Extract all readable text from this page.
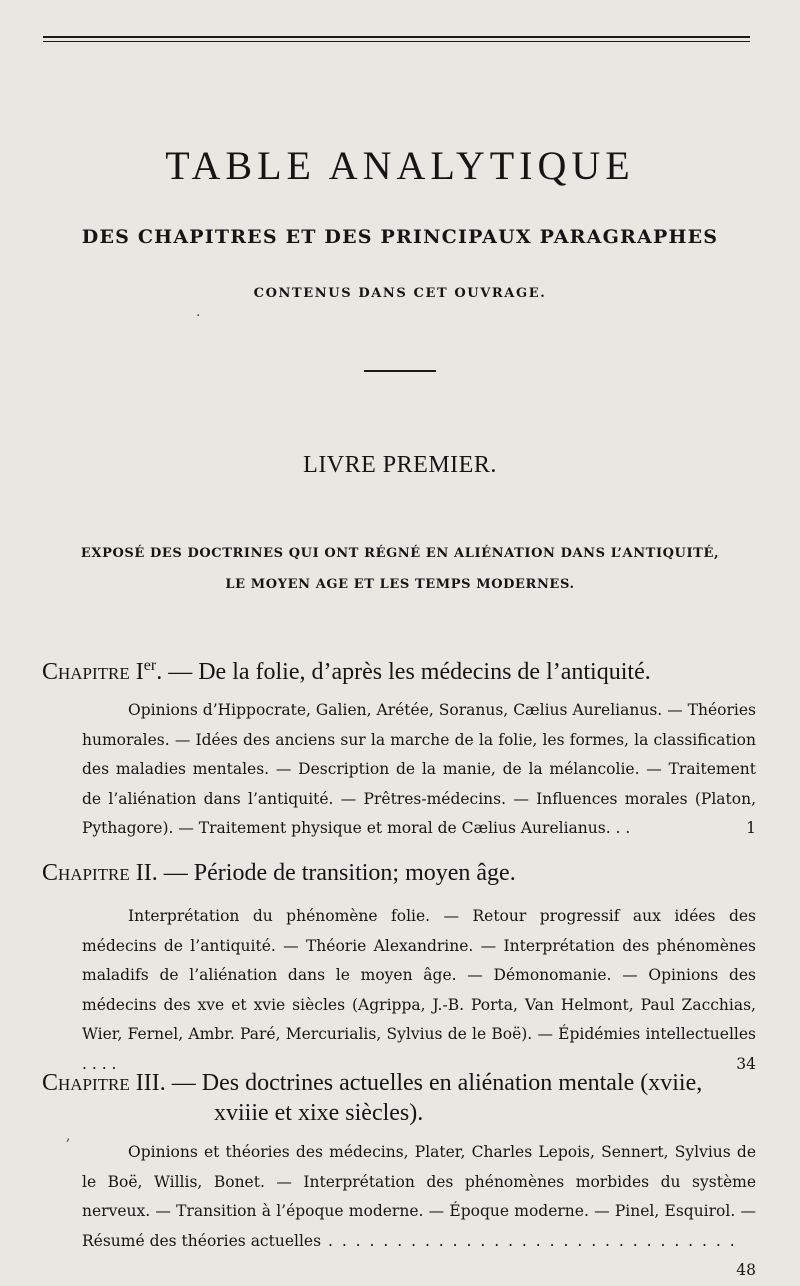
TABLE ANALYTIQUE
DES CHAPITRES ET DES PRINCIPAUX PARAGRAPHES
CONTENUS DANS CET OUVRAGE.
·
LIVRE PREMIER.
EXPOSÉ DES DOCTRINES QUI ONT RÉGNÉ EN ALIÉNATION DANS L’ANTIQUITÉ,
LE MOYEN AGE ET LES TEMPS MODERNES.
Chapitre Ier. — De la folie, d’après les médecins de l’antiquité.
Opinions d’Hippocrate, Galien, Arétée, Soranus, Cælius Aurelianus. — Théories humorales. — Idées des anciens sur la marche de la folie, les formes, la classification des maladies mentales. — Description de la manie, de la mélancolie. — Traitement de l’aliénation dans l’antiquité. — Prêtres-médecins. — Influences morales (Platon, Pythagore). — Traitement physique et moral de Cælius Aurelianus. . .	1
Chapitre II. — Période de transition; moyen âge.
Interprétation du phénomène folie. — Retour progressif aux idées des médecins de l’antiquité. — Théorie Alexandrine. — Interprétation des phénomènes maladifs de l’aliénation dans le moyen âge. — Démonomanie. — Opinions des médecins des xve et xvie siècles (Agrippa, J.-B. Porta, Van Helmont, Paul Zacchias, Wier, Fernel, Ambr. Paré, Mercurialis, Sylvius de le Boë). — Épidémies intellectuelles . . . .	34
Chapitre III. — Des doctrines actuelles en aliénation mentale (xviie,
xviiie et xixe siècles).
Opinions et théories des médecins, Plater, Charles Lepois, Sennert, Sylvius de le Boë, Willis, Bonet. — Interprétation des phénomènes morbides du système nerveux. — Transition à l’époque moderne. — Époque moderne. — Pinel, Esquirol. — Résumé des théories actuelles . . . . . . . . . . . . . . . . . . . . . . . . . . . . . .
48
,
